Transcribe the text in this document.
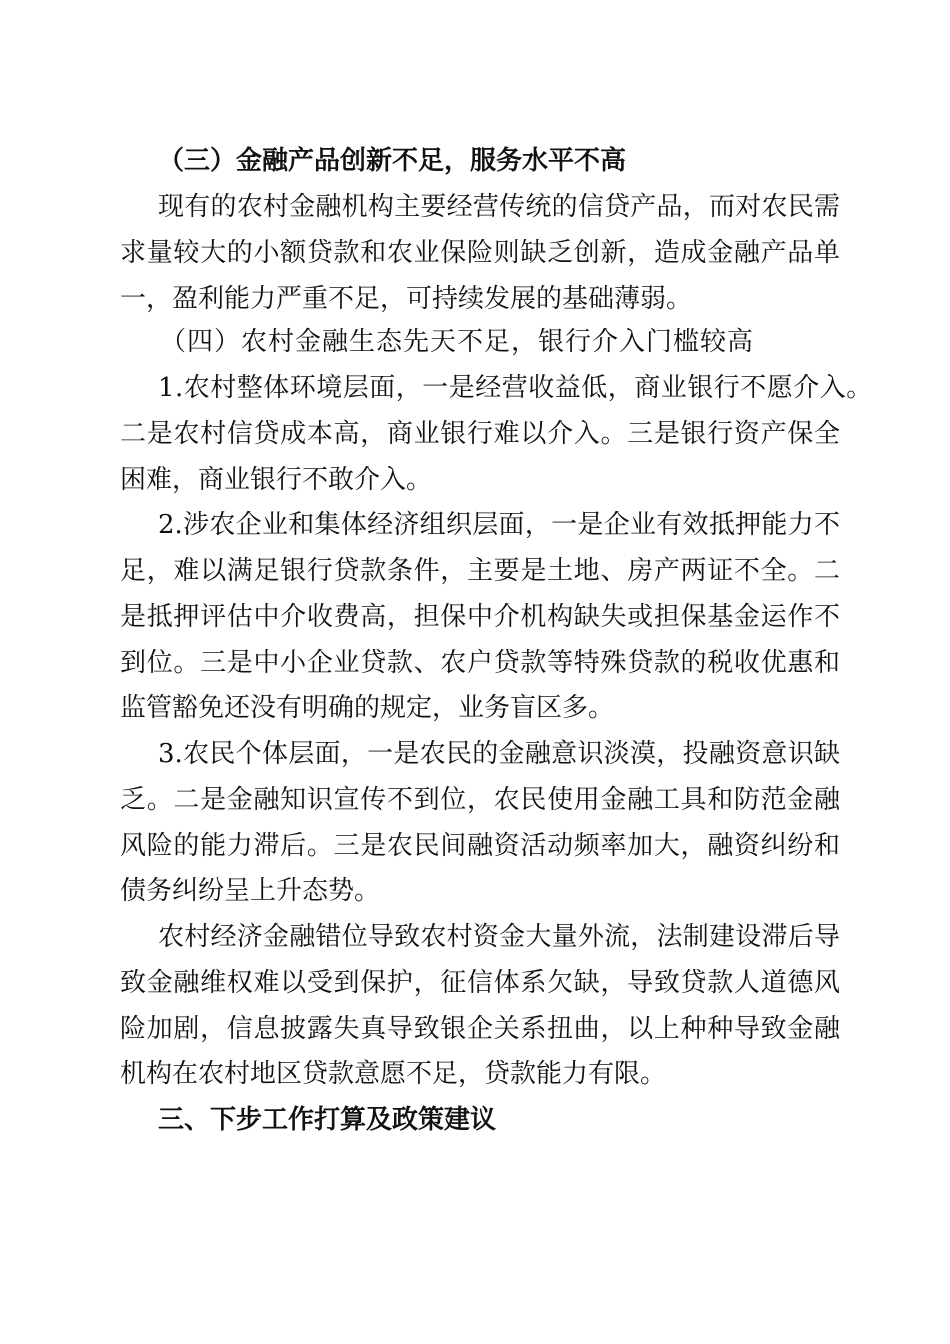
（三）金融产品创新不足，服务水平不高
现有的农村金融机构主要经营传统的信贷产品，而对农民需
求量较大的小额贷款和农业保险则缺乏创新，造成金融产品单
一，盈利能力严重不足，可持续发展的基础薄弱。
（四）农村金融生态先天不足，银行介入门槛较高
1.农村整体环境层面，一是经营收益低，商业银行不愿介入。
二是农村信贷成本高，商业银行难以介入。三是银行资产保全
困难，商业银行不敢介入。
2.涉农企业和集体经济组织层面，一是企业有效抵押能力不
足，难以满足银行贷款条件，主要是土地、房产两证不全。二
是抵押评估中介收费高，担保中介机构缺失或担保基金运作不
到位。三是中小企业贷款、农户贷款等特殊贷款的税收优惠和
监管豁免还没有明确的规定，业务盲区多。
3.农民个体层面，一是农民的金融意识淡漠，投融资意识缺
乏。二是金融知识宣传不到位，农民使用金融工具和防范金融
风险的能力滞后。三是农民间融资活动频率加大，融资纠纷和
债务纠纷呈上升态势。
农村经济金融错位导致农村资金大量外流，法制建设滞后导
致金融维权难以受到保护，征信体系欠缺，导致贷款人道德风
险加剧，信息披露失真导致银企关系扭曲，以上种种导致金融
机构在农村地区贷款意愿不足，贷款能力有限。
三、下步工作打算及政策建议
